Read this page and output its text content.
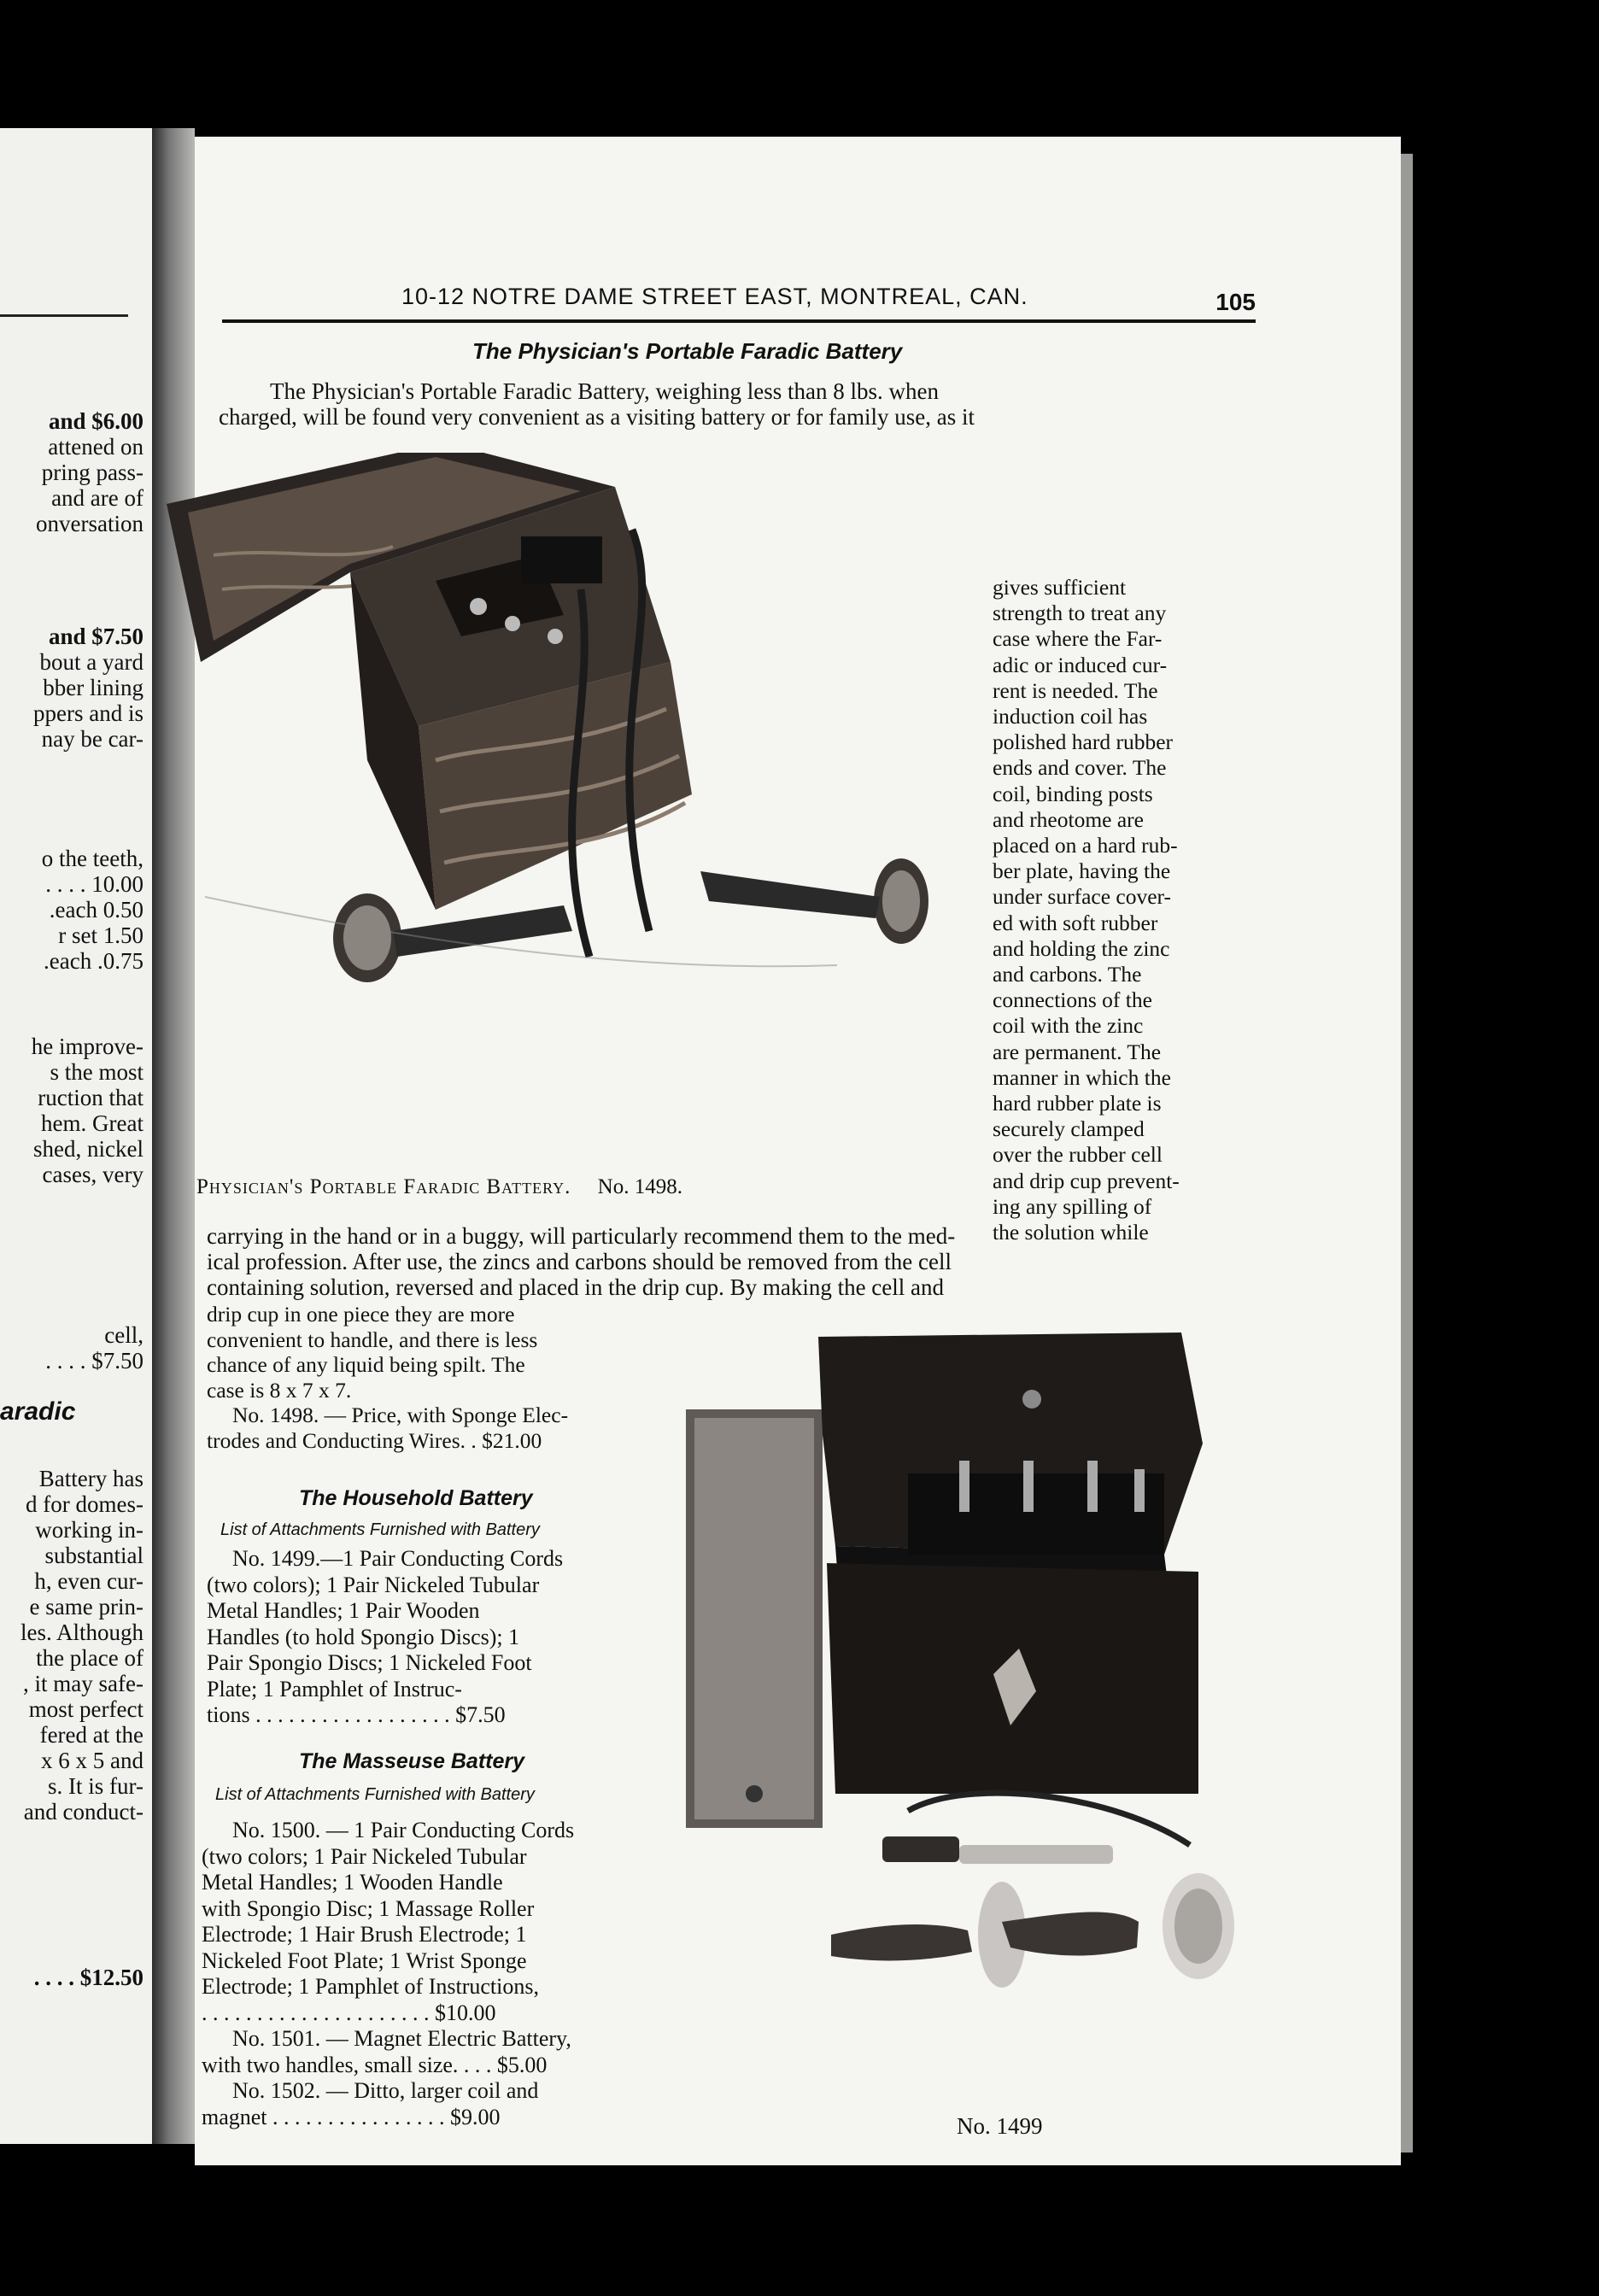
and $6.00
attened on
pring pass-
and are of
onversation
and $7.50
bout a yard
bber lining
ppers and is
nay be car-
o the teeth,
. . . . 10.00
.each 0.50
r set 1.50
.each .0.75
he improve-
s the most
ruction that
hem. Great
shed, nickel
cases, very
cell,
. . . . $7.50
aradic
Battery has
d for domes-
working in-
substantial
h, even cur-
e same prin-
les. Although
the place of
, it may safe-
most perfect
fered at the
x 6 x 5 and
s. It is fur-
and conduct-
. . . . $12.50
10-12 NOTRE DAME STREET EAST, MONTREAL, CAN.	105
The Physician's Portable Faradic Battery
The Physician's Portable Faradic Battery, weighing less than 8 lbs. when
charged, will be found very convenient as a visiting battery or for family use, as it
gives sufficient
strength to treat any
case where the Far-
adic or induced cur-
rent is needed. The
induction coil has
polished hard rubber
ends and cover. The
coil, binding posts
and rheotome are
placed on a hard rub-
ber plate, having the
under surface cover-
ed with soft rubber
and holding the zinc
and carbons. The
connections of the
coil with the zinc
are permanent. The
manner in which the
hard rubber plate is
securely clamped
over the rubber cell
and drip cup prevent-
ing any spilling of
the solution while
Physician's Portable Faradic Battery. No. 1498.
carrying in the hand or in a buggy, will particularly recommend them to the med-
ical profession. After use, the zincs and carbons should be removed from the cell
containing solution, reversed and placed in the drip cup. By making the cell and
drip cup in one piece they are more
convenient to handle, and there is less
chance of any liquid being spilt. The
case is 8 x 7 x 7.
No. 1498. — Price, with Sponge Elec-
trodes and Conducting Wires. . $21.00
The Household Battery
List of Attachments Furnished with Battery
No. 1499.—1 Pair Conducting Cords
(two colors); 1 Pair Nickeled Tubular
Metal Handles; 1 Pair Wooden
Handles (to hold Spongio Discs); 1
Pair Spongio Discs; 1 Nickeled Foot
Plate; 1 Pamphlet of Instruc-
tions . . . . . . . . . . . . . . . . . . $7.50
The Masseuse Battery
List of Attachments Furnished with Battery
No. 1500. — 1 Pair Conducting Cords
(two colors; 1 Pair Nickeled Tubular
Metal Handles; 1 Wooden Handle
with Spongio Disc; 1 Massage Roller
Electrode; 1 Hair Brush Electrode; 1
Nickeled Foot Plate; 1 Wrist Sponge
Electrode; 1 Pamphlet of Instructions,
. . . . . . . . . . . . . . . . . . . . . $10.00
No. 1501. — Magnet Electric Battery,
with two handles, small size. . . . $5.00
No. 1502. — Ditto, larger coil and
magnet . . . . . . . . . . . . . . . . $9.00	No. 1499
